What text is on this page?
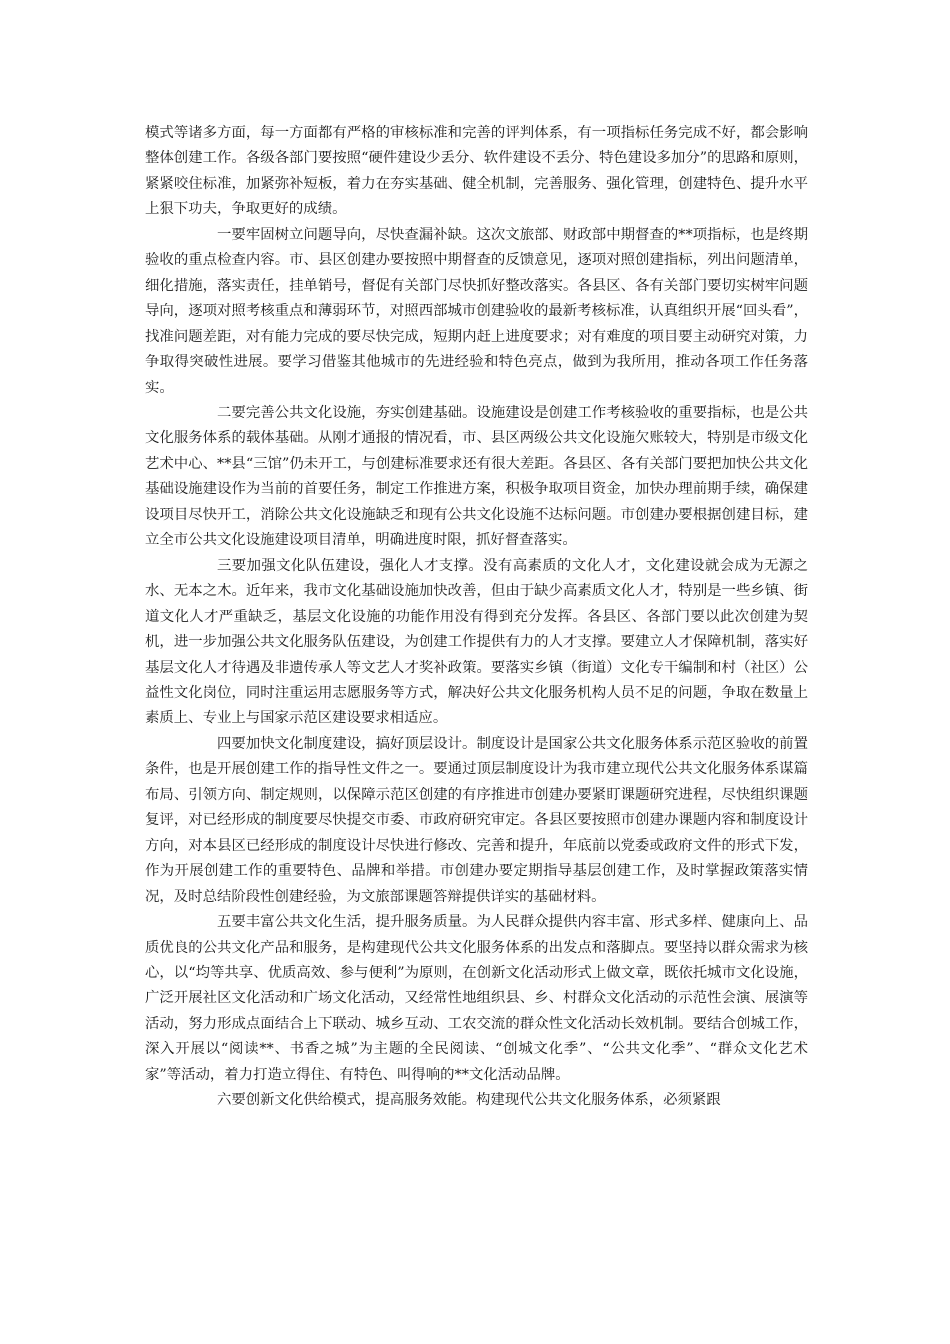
模式等诸多方面，每一方面都有严格的审核标准和完善的评判体系，有一项指标任务完成不好，都会影响整体创建工作。各级各部门要按照“硬件建设少丢分、软件建设不丢分、特色建设多加分”的思路和原则，紧紧咬住标准，加紧弥补短板，着力在夯实基础、健全机制，完善服务、强化管理，创建特色、提升水平上狠下功夫，争取更好的成绩。

一要牢固树立问题导向，尽快查漏补缺。这次文旅部、财政部中期督查的**项指标，也是终期验收的重点检查内容。市、县区创建办要按照中期督查的反馈意见，逐项对照创建指标，列出问题清单，细化措施，落实责任，挂单销号，督促有关部门尽快抓好整改落实。各县区、各有关部门要切实树牢问题导向，逐项对照考核重点和薄弱环节，对照西部城市创建验收的最新考核标准，认真组织开展“回头看”，找准问题差距，对有能力完成的要尽快完成，短期内赶上进度要求；对有难度的项目要主动研究对策，力争取得突破性进展。要学习借鉴其他城市的先进经验和特色亮点，做到为我所用，推动各项工作任务落实。

二要完善公共文化设施，夯实创建基础。设施建设是创建工作考核验收的重要指标，也是公共文化服务体系的载体基础。从刚才通报的情况看，市、县区两级公共文化设施欠账较大，特别是市级文化艺术中心、**县“三馆”仍未开工，与创建标准要求还有很大差距。各县区、各有关部门要把加快公共文化基础设施建设作为当前的首要任务，制定工作推进方案，积极争取项目资金，加快办理前期手续，确保建设项目尽快开工，消除公共文化设施缺乏和现有公共文化设施不达标问题。市创建办要根据创建目标，建立全市公共文化设施建设项目清单，明确进度时限，抓好督查落实。

三要加强文化队伍建设，强化人才支撑。没有高素质的文化人才，文化建设就会成为无源之水、无本之木。近年来，我市文化基础设施加快改善，但由于缺少高素质文化人才，特别是一些乡镇、街道文化人才严重缺乏，基层文化设施的功能作用没有得到充分发挥。各县区、各部门要以此次创建为契机，进一步加强公共文化服务队伍建设，为创建工作提供有力的人才支撑。要建立人才保障机制，落实好基层文化人才待遇及非遗传承人等文艺人才奖补政策。要落实乡镇（街道）文化专干编制和村（社区）公益性文化岗位，同时注重运用志愿服务等方式，解决好公共文化服务机构人员不足的问题，争取在数量上素质上、专业上与国家示范区建设要求相适应。

四要加快文化制度建设，搞好顶层设计。制度设计是国家公共文化服务体系示范区验收的前置条件，也是开展创建工作的指导性文件之一。要通过顶层制度设计为我市建立现代公共文化服务体系谋篇布局、引领方向、制定规则，以保障示范区创建的有序推进市创建办要紧盯课题研究进程，尽快组织课题复评，对已经形成的制度要尽快提交市委、市政府研究审定。各县区要按照市创建办课题内容和制度设计方向，对本县区已经形成的制度设计尽快进行修改、完善和提升，年底前以党委或政府文件的形式下发，作为开展创建工作的重要特色、品牌和举措。市创建办要定期指导基层创建工作，及时掌握政策落实情况，及时总结阶段性创建经验，为文旅部课题答辩提供详实的基础材料。

五要丰富公共文化生活，提升服务质量。为人民群众提供内容丰富、形式多样、健康向上、品质优良的公共文化产品和服务，是构建现代公共文化服务体系的出发点和落脚点。要坚持以群众需求为核心，以“均等共享、优质高效、参与便利”为原则，在创新文化活动形式上做文章，既依托城市文化设施，广泛开展社区文化活动和广场文化活动，又经常性地组织县、乡、村群众文化活动的示范性会演、展演等活动，努力形成点面结合上下联动、城乡互动、工农交流的群众性文化活动长效机制。要结合创城工作，深入开展以“阅读**、书香之城”为主题的全民阅读、“创城文化季”、“公共文化季”、“群众文化艺术家”等活动，着力打造立得住、有特色、叫得响的**文化活动品牌。

六要创新文化供给模式，提高服务效能。构建现代公共文化服务体系，必须紧跟
